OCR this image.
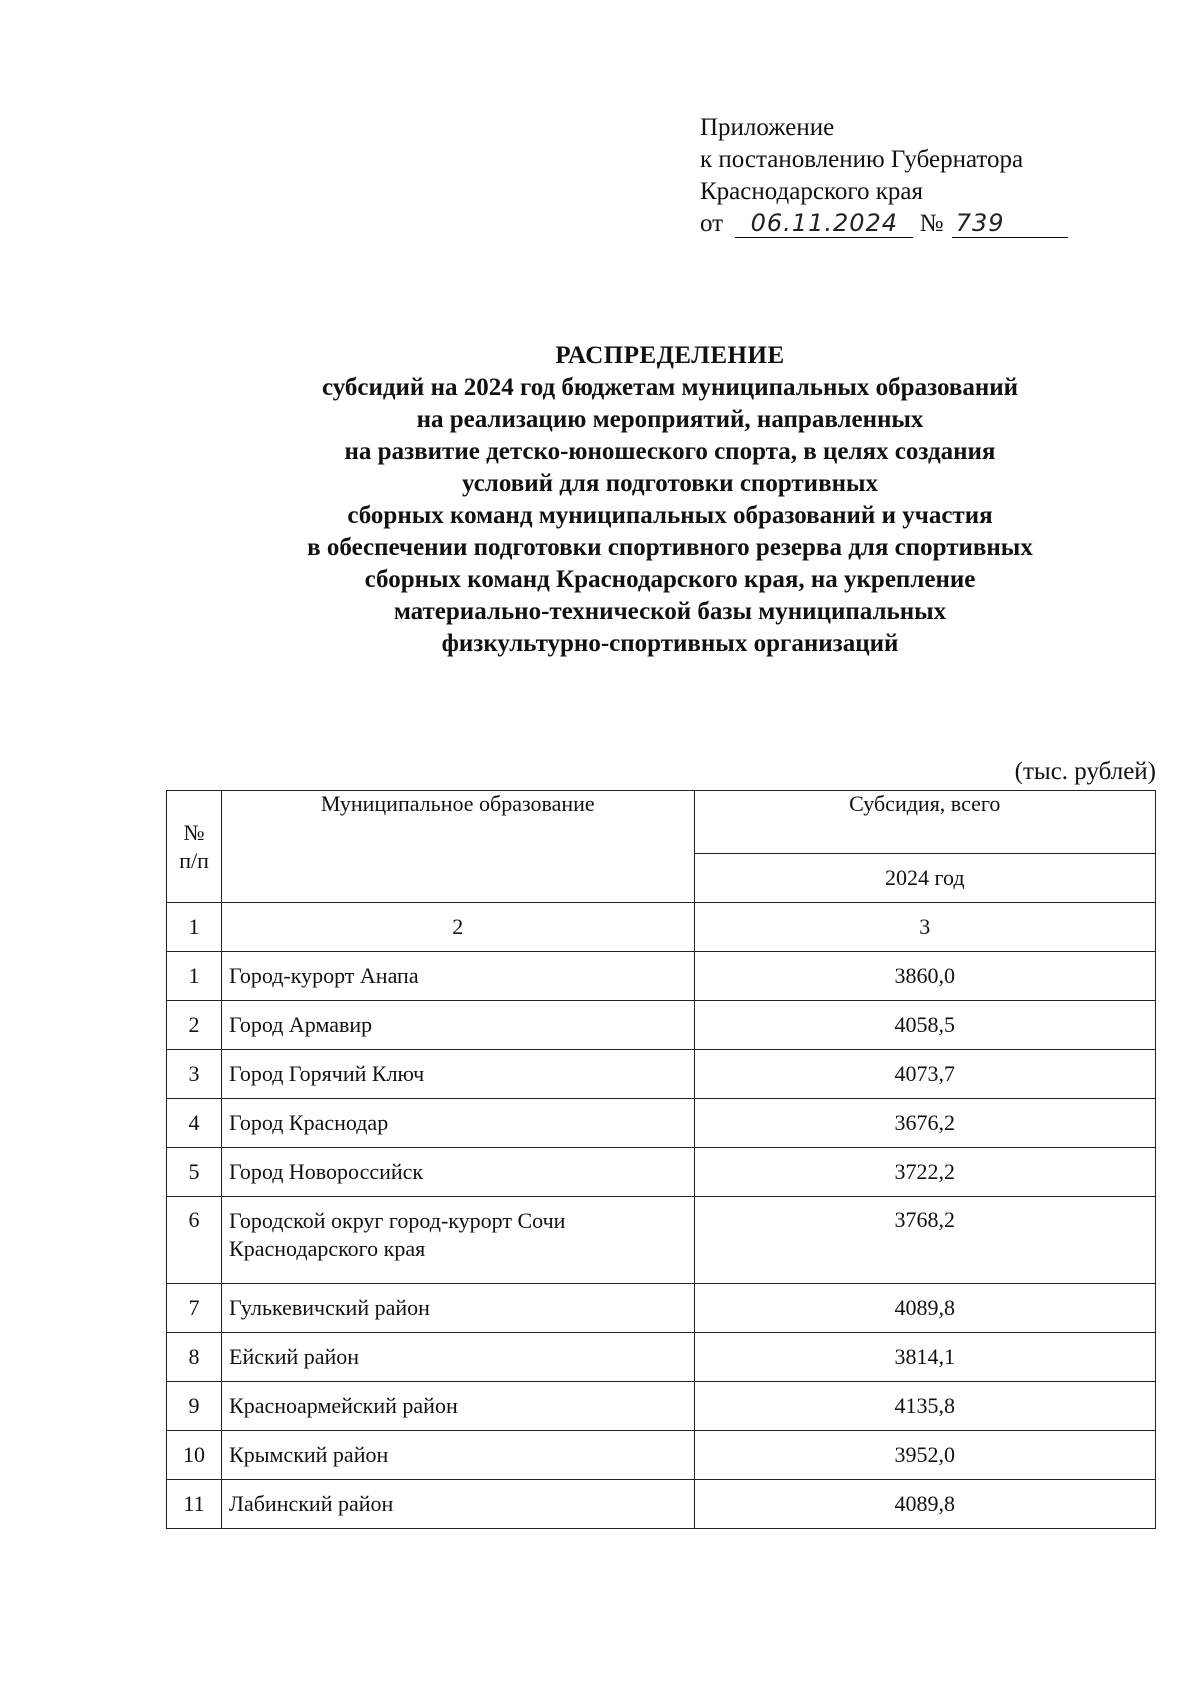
Приложение
к постановлению Губернатора
Краснодарского края
от 06.11.2024 № 739
РАСПРЕДЕЛЕНИЕ
субсидий на 2024 год бюджетам муниципальных образований
на реализацию мероприятий, направленных
на развитие детско-юношеского спорта, в целях создания
условий для подготовки спортивных
сборных команд муниципальных образований и участия
в обеспечении подготовки спортивного резерва для спортивных
сборных команд Краснодарского края, на укрепление
материально-технической базы муниципальных
физкультурно-спортивных организаций
(тыс. рублей)
№
п/п	Муниципальное образование	Субсидия, всего
		2024 год
1	2	3
1	Город-курорт Анапа	3860,0
2	Город Армавир	4058,5
3	Город Горячий Ключ	4073,7
4	Город Краснодар	3676,2
5	Город Новороссийск	3722,2
6	Городской округ город-курорт Сочи
Краснодарского края	3768,2
7	Гулькевичский район	4089,8
8	Ейский район	3814,1
9	Красноармейский район	4135,8
10	Крымский район	3952,0
11	Лабинский район	4089,8
